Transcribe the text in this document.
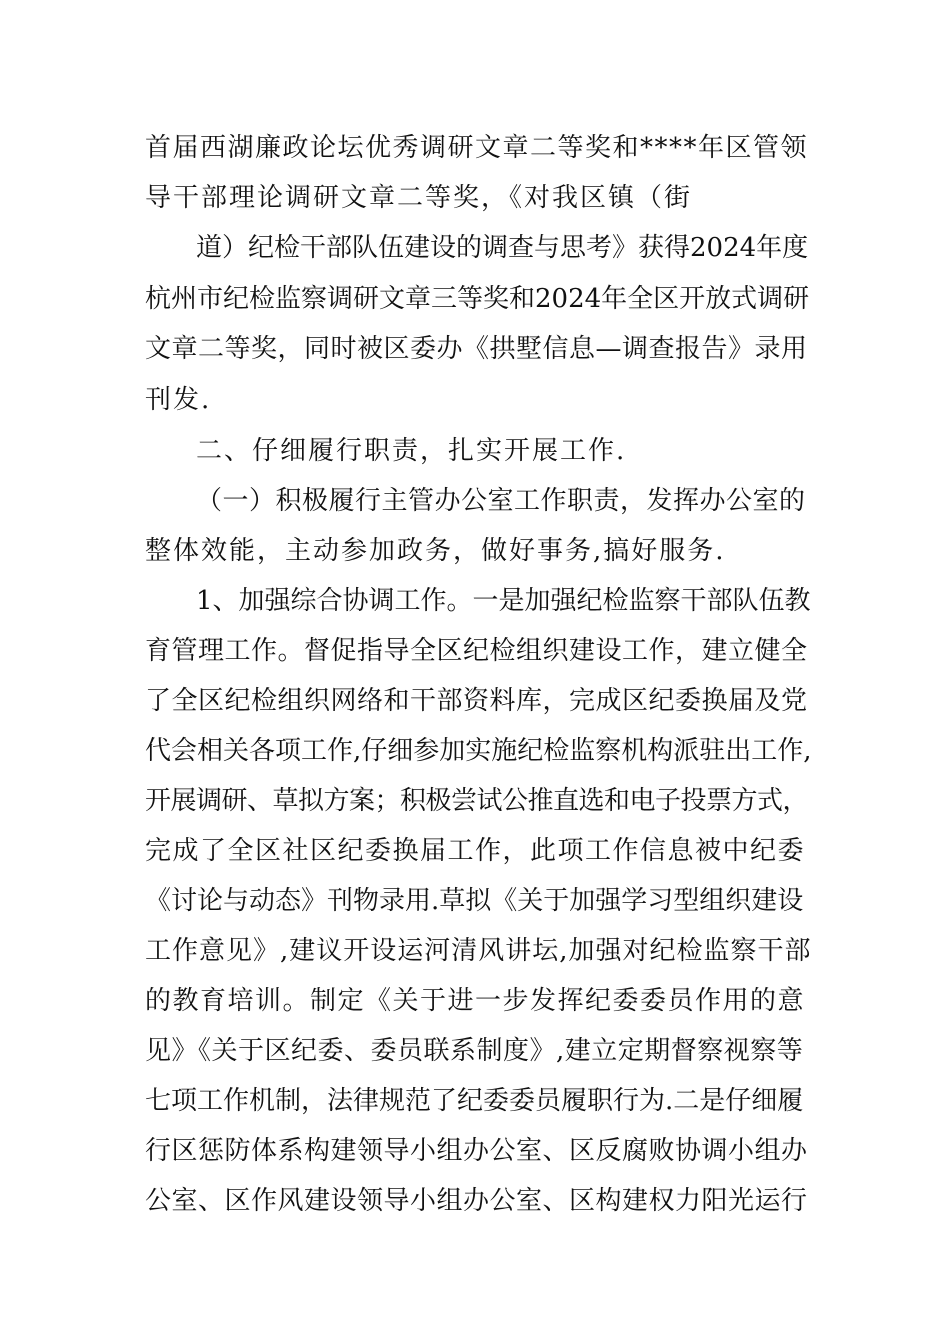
首届西湖廉政论坛优秀调研文章二等奖和****年区管领
导干部理论调研文章二等奖，《对我区镇（街
道）纪检干部队伍建设的调查与思考》获得2024年度
杭州市纪检监察调研文章三等奖和2024年全区开放式调研
文章二等奖，同时被区委办《拱墅信息—调查报告》录用
刊发.
二、仔细履行职责，扎实开展工作.
（一）积极履行主管办公室工作职责，发挥办公室的
整体效能，主动参加政务，做好事务,搞好服务.
1、加强综合协调工作。一是加强纪检监察干部队伍教
育管理工作。督促指导全区纪检组织建设工作，建立健全
了全区纪检组织网络和干部资料库，完成区纪委换届及党
代会相关各项工作,仔细参加实施纪检监察机构派驻出工作,
开展调研、草拟方案；积极尝试公推直选和电子投票方式，
完成了全区社区纪委换届工作，此项工作信息被中纪委
《讨论与动态》刊物录用.草拟《关于加强学习型组织建设
工作意见》,建议开设运河清风讲坛,加强对纪检监察干部
的教育培训。制定《关于进一步发挥纪委委员作用的意
见》《关于区纪委、委员联系制度》,建立定期督察视察等
七项工作机制，法律规范了纪委委员履职行为.二是仔细履
行区惩防体系构建领导小组办公室、区反腐败协调小组办
公室、区作风建设领导小组办公室、区构建权力阳光运行
